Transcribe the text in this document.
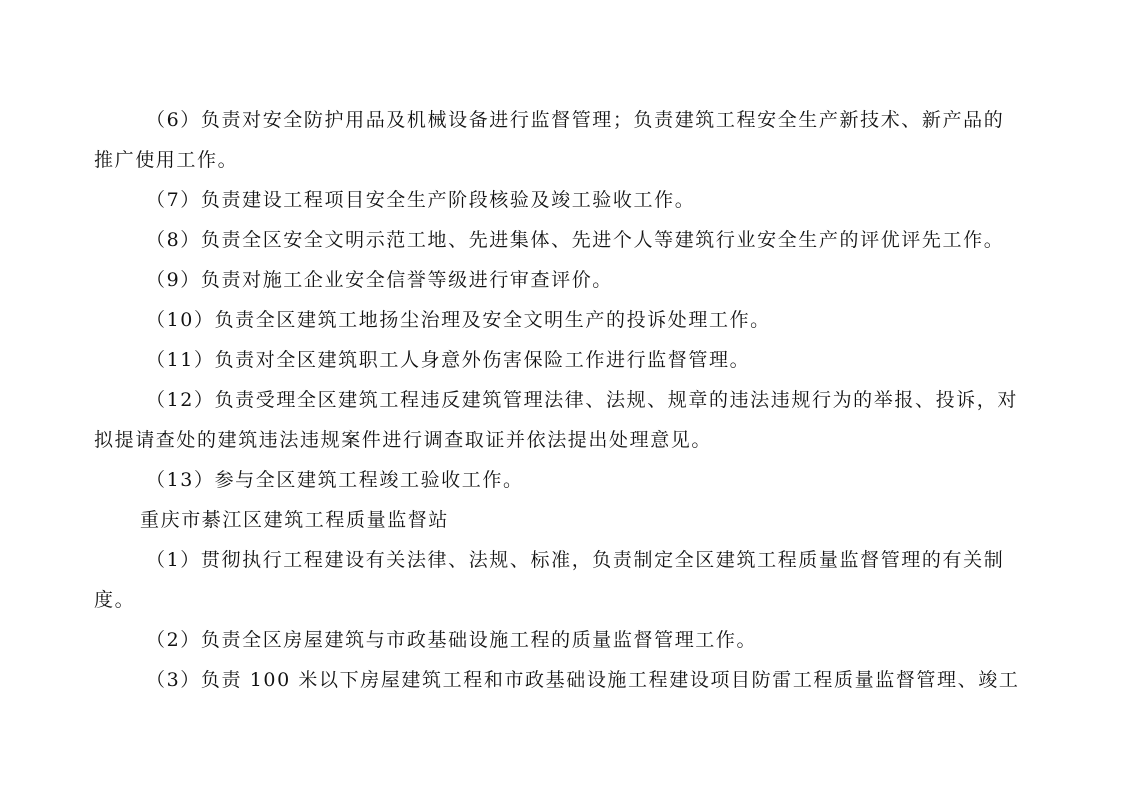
（6）负责对安全防护用品及机械设备进行监督管理；负责建筑工程安全生产新技术、新产品的
推广使用工作。
（7）负责建设工程项目安全生产阶段核验及竣工验收工作。
（8）负责全区安全文明示范工地、先进集体、先进个人等建筑行业安全生产的评优评先工作。
（9）负责对施工企业安全信誉等级进行审查评价。
（10）负责全区建筑工地扬尘治理及安全文明生产的投诉处理工作。
（11）负责对全区建筑职工人身意外伤害保险工作进行监督管理。
（12）负责受理全区建筑工程违反建筑管理法律、法规、规章的违法违规行为的举报、投诉，对
拟提请查处的建筑违法违规案件进行调查取证并依法提出处理意见。
（13）参与全区建筑工程竣工验收工作。
重庆市綦江区建筑工程质量监督站
（1）贯彻执行工程建设有关法律、法规、标准，负责制定全区建筑工程质量监督管理的有关制
度。
（2）负责全区房屋建筑与市政基础设施工程的质量监督管理工作。
（3）负责 100 米以下房屋建筑工程和市政基础设施工程建设项目防雷工程质量监督管理、竣工
